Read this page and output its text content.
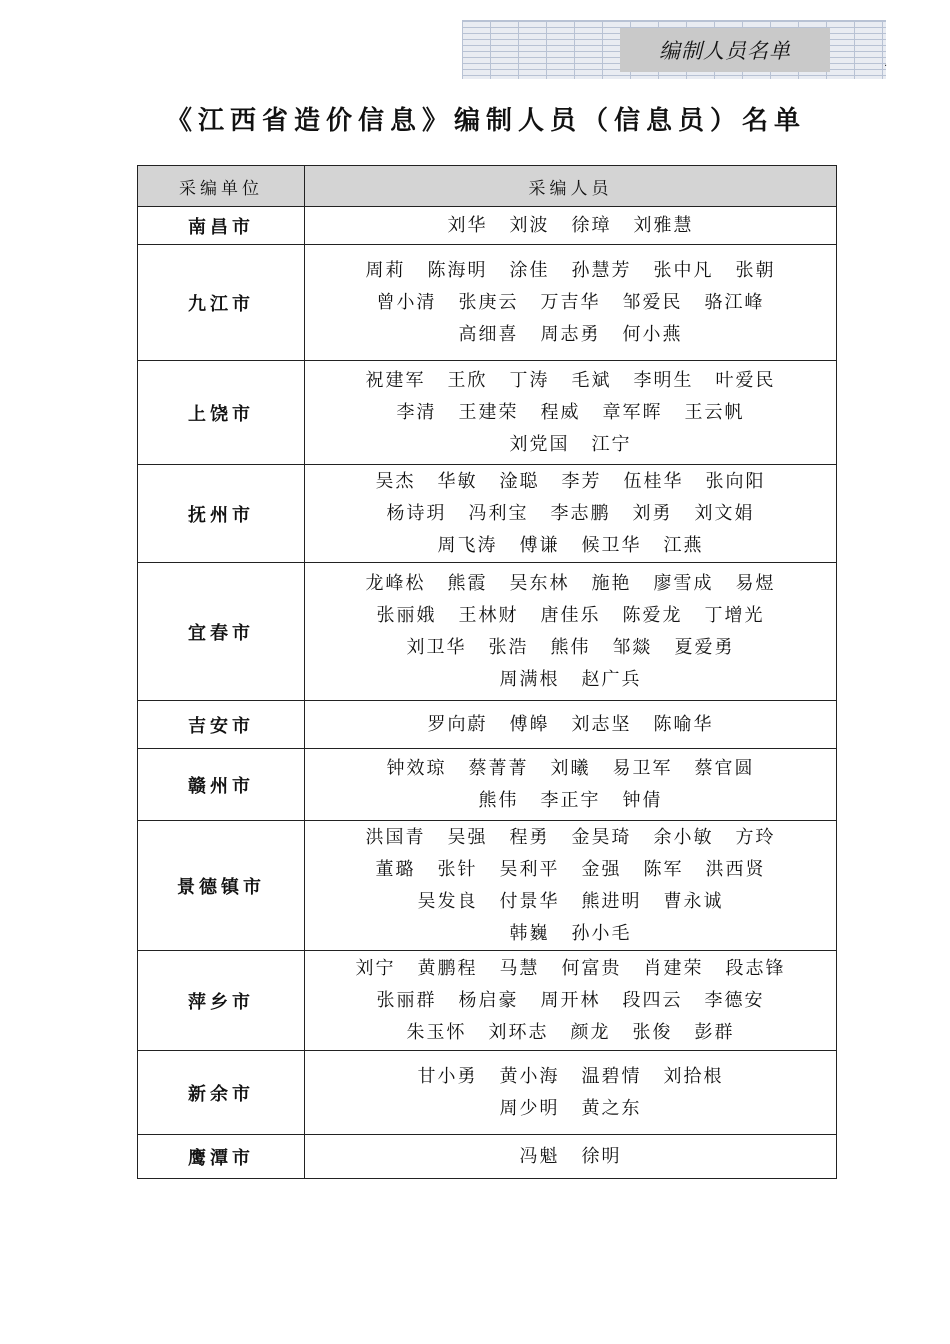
编制人员名单
.
《江西省造价信息》编制人员（信息员）名单
采编单位	采编人员
南昌市	刘华 刘波 徐璋 刘雅慧

九江市	周莉 陈海明 涂佳 孙慧芳 张中凡 张朝
曾小清 张庚云 万吉华 邹爱民 骆江峰
高细喜 周志勇 何小燕

上饶市	祝建军 王欣 丁涛 毛斌 李明生 叶爱民
李清 王建荣 程威 章军晖 王云帆
刘党国 江宁

抚州市	吴杰 华敏 淦聪 李芳 伍桂华 张向阳
杨诗玥 冯利宝 李志鹏 刘勇 刘文娟
周飞涛 傅谦 候卫华 江燕

宜春市	龙峰松 熊霞 吴东林 施艳 廖雪成 易煜
张丽娥 王林财 唐佳乐 陈爱龙 丁增光
刘卫华 张浩 熊伟 邹燚 夏爱勇
周满根 赵广兵

吉安市	罗向蔚 傅皞 刘志坚 陈喻华

赣州市	钟效琼 蔡菁菁 刘曦 易卫军 蔡官圆
熊伟 李正宇 钟倩

景德镇市	洪国青 吴强 程勇 金昊琦 余小敏 方玲
董璐 张针 吴利平 金强 陈军 洪西贤
吴发良 付景华 熊进明 曹永诚
韩巍 孙小毛

萍乡市	刘宁 黄鹏程 马慧 何富贵 肖建荣 段志锋
张丽群 杨启豪 周开林 段四云 李德安
朱玉怀 刘环志 颜龙 张俊 彭群

新余市	甘小勇 黄小海 温碧情 刘拾根
周少明 黄之东

鹰潭市	冯魁 徐明
